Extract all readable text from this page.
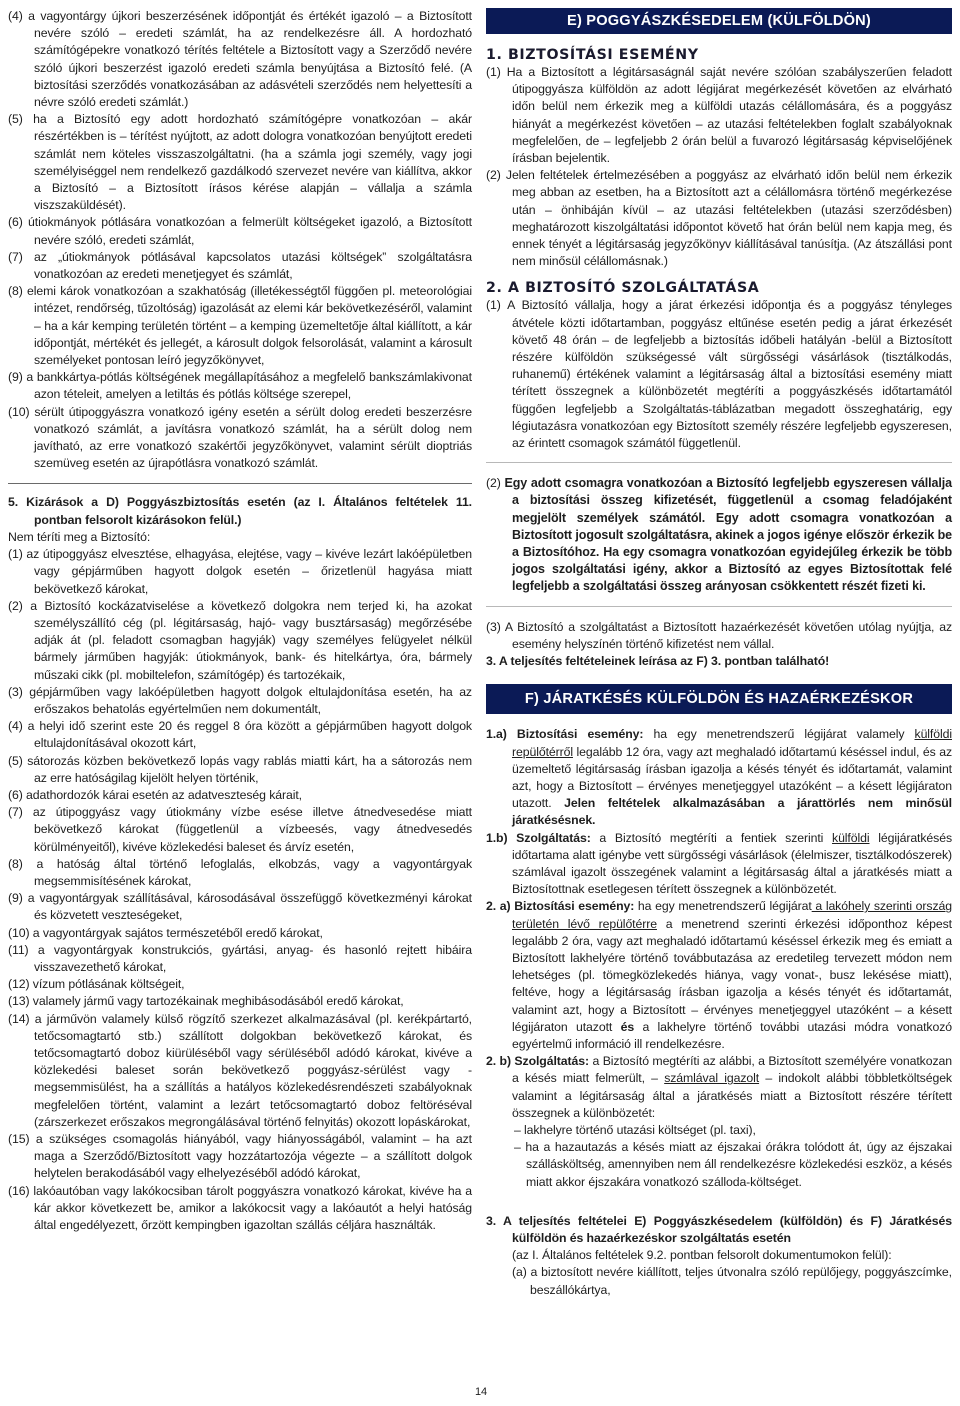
(4) a vagyontárgy újkori beszerzésének időpontját és értékét igazoló – a Biztosított nevére szóló – eredeti számlát, ha az rendelkezésre áll. A hordozható számítógépekre vonatkozó térítés feltétele a Biztosított vagy a Szerződő nevére szóló újkori beszerzést igazoló eredeti számla benyújtása a Biztosító felé. (A biztosítási szerződés vonatkozásában az adásvételi szerződés nem helyettesíti a névre szóló eredeti számlát.)

(5) ha a Biztosító egy adott hordozható számítógépre vonatkozóan – akár részértékben is – térítést nyújtott, az adott dologra vonatkozóan benyújtott eredeti számlát nem köteles visszaszolgáltatni. (ha a számla jogi személy, vagy jogi személyiséggel nem rendelkező gazdálkodó szervezet nevére van kiállítva, akkor a Biztosító – a Biztosított írásos kérése alapján – vállalja a számla viszszaküldését).

(6) útiokmányok pótlására vonatkozóan a felmerült költségeket igazoló, a Biztosított nevére szóló, eredeti számlát,

(7) az „útiokmányok pótlásával kapcsolatos utazási költségek” szolgáltatásra vonatkozóan az eredeti menetjegyet és számlát,

(8) elemi károk vonatkozóan a szakhatóság (illetékességtől függően pl. meteorológiai intézet, rendőrség, tűzoltóság) igazolását az elemi kár bekövetkezéséről, valamint – ha a kár kemping területén történt – a kemping üzemeltetője által kiállított, a kár időpontját, mértékét és jellegét, a károsult dolgok felsorolását, valamint a károsult személyeket pontosan leíró jegyzőkönyvet,

(9) a bankkártya-pótlás költségének megállapításához a megfelelő bankszámlakivonat azon tételeit, amelyen a letiltás és pótlás költsége szerepel,

(10) sérült útipoggyászra vonatkozó igény esetén a sérült dolog eredeti beszerzésre vonatkozó számlát, a javításra vonatkozó számlát, ha a sérült dolog nem javítható, az erre vonatkozó szakértői jegyzőkönyvet, valamint sérült dioptriás szemüveg esetén az újrapótlásra vonatkozó számlát.

5. Kizárások a D) Poggyászbiztosítás esetén (az I. Általános feltételek 11. pontban felsorolt kizárásokon felül.)

Nem téríti meg a Biztosító:

(1) az útipoggyász elvesztése, elhagyása, elejtése, vagy – kivéve lezárt lakóépületben vagy gépjárműben hagyott dolgok esetén – őrizetlenül hagyása miatt bekövetkező károkat,

(2) a Biztosító kockázatviselése a következő dolgokra nem terjed ki, ha azokat személyszállító cég (pl. légitársaság, hajó- vagy busztársaság) megőrzésébe adják át (pl. feladott csomagban hagyják) vagy személyes felügyelet nélkül bármely járműben hagyják: útiokmányok, bank- és hitelkártya, óra, bármely műszaki cikk (pl. mobiltelefon, számítógép) és tartozékaik,

(3) gépjárműben vagy lakóépületben hagyott dolgok eltulajdonítása esetén, ha az erőszakos behatolás egyértelműen nem dokumentált,

(4) a helyi idő szerint este 20 és reggel 8 óra között a gépjárműben hagyott dolgok eltulajdonításával okozott kárt,

(5) sátorozás közben bekövetkező lopás vagy rablás miatti kárt, ha a sátorozás nem az erre hatóságilag kijelölt helyen történik,

(6) adathordozók kárai esetén az adatveszteség kárait,

(7) az útipoggyász vagy útiokmány vízbe esése illetve átnedvesedése miatt bekövetkező károkat (függetlenül a vízbeesés, vagy átnedvesedés körülményeitől), kivéve közlekedési baleset és árvíz esetén,

(8) a hatóság által történő lefoglalás, elkobzás, vagy a vagyontárgyak megsemmisítésének károkat,

(9) a vagyontárgyak szállításával, károsodásával összefüggő következményi károkat és közvetett veszteségeket,

(10) a vagyontárgyak sajátos természetéből eredő károkat,

(11) a vagyontárgyak konstrukciós, gyártási, anyag- és hasonló rejtett hibáira visszavezethető károkat,

(12) vízum pótlásának költségeit,

(13) valamely jármű vagy tartozékainak meghibásodásából eredő károkat,

(14) a járművön valamely külső rögzítő szerkezet alkalmazásával (pl. kerékpártartó, tetőcsomagtartó stb.) szállított dolgokban bekövetkező károkat, és tetőcsomagtartó doboz kiürüléséből vagy sérüléséből adódó károkat, kivéve a közlekedési baleset során bekövetkező poggyász-sérülést vagy -megsemmisülést, ha a szállítás a hatályos közlekedésrendészeti szabályoknak megfelelően történt, valamint a lezárt tetőcsomagtartó doboz feltöréséval (zárszerkezet erőszakos megrongálásával történő felnyitás) okozott lopáskárokat,

(15) a szükséges csomagolás hiányából, vagy hiányosságából, valamint – ha azt maga a Szerződő/Biztosított vagy hozzátartozója végezte – a szállított dolgok helytelen berakodásából vagy elhelyezéséből adódó károkat,

(16) lakóautóban vagy lakókocsiban tárolt poggyászra vonatkozó károkat, kivéve ha a kár akkor következett be, amikor a lakókocsit vagy a lakóautót a helyi hatóság által engedélyezett, őrzött kempingben igazoltan szállás céljára használták.

E) POGGYÁSZKÉSEDELEM (KÜLFÖLDÖN)
1. BIZTOSÍTÁSI ESEMÉNY

(1) Ha a Biztosított a légitársaságnál saját nevére szólóan szabályszerűen feladott útipoggyásza külföldön az adott légijárat megérkezését követően az elvárható időn belül nem érkezik meg a külföldi utazás célállomására, és a poggyász hiányát a megérkezést követően – az utazási feltételekben foglalt szabályoknak megfelelően, de – legfeljebb 2 órán belül a fuvarozó légitársaság képviselőjének írásban bejelentik.

(2) Jelen feltételek értelmezésében a poggyász az elvárható időn belül nem érkezik meg abban az esetben, ha a Biztosított azt a célállomásra történő megérkezése után – önhibáján kívül – az utazási feltételekben (utazási szerződésben) meghatározott kiszolgáltatási időpontot követő hat órán belül nem kapja meg, és ennek tényét a légitársaság jegyzőkönyv kiállításával tanúsítja. (Az átszállási pont nem minősül célállomásnak.)

2. A BIZTOSÍTÓ SZOLGÁLTATÁSA

(1) A Biztosító vállalja, hogy a járat érkezési időpontja és a poggyász tényleges átvétele közti időtartamban, poggyász eltűnése esetén pedig a járat érkezését követő 48 órán – de legfeljebb a biztosítás időbeli hatályán -belül a Biztosított részére külföldön szükségessé vált sürgősségi vásárlások (tisztálkodás, ruhanemű) értékének valamint a légitársaság által a biztosítási esemény miatt térített összegnek a különbözetét megtéríti a poggyászkésés időtartamától függően legfeljebb a Szolgáltatás-táblázatban megadott összeghatárig, egy légiutazásra vonatkozóan egy Biztosított személy részére legfeljebb egyszeresen, az érintett csomagok számától függetlenül.

(2) Egy adott csomagra vonatkozóan a Biztosító legfeljebb egyszeresen vállalja a biztosítási összeg kifizetését, függetlenül a csomag feladójaként megjelölt személyek számától. Egy adott csomagra vonatkozóan a Biztosított jogosult szolgáltatásra, akinek a jogos igénye először érkezik be a Biztosítóhoz. Ha egy csomagra vonatkozóan egyidejűleg érkezik be több jogos szolgáltatási igény, akkor a Biztosító az egyes Biztosítottak felé legfeljebb a szolgáltatási összeg arányosan csökkentett részét fizeti ki.

(3) A Biztosító a szolgáltatást a Biztosított hazaérkezését követően utólag nyújtja, az esemény helyszínén történő kifizetést nem vállal.

3. A teljesítés feltételeinek leírása az F) 3. pontban található!

F) JÁRATKÉSÉS KÜLFÖLDÖN ÉS HAZAÉRKEZÉSKOR

1.a) Biztosítási esemény: ha egy menetrendszerű légijárat valamely külföldi repülőtérről legalább 12 óra, vagy azt meghaladó időtartamú késéssel indul, és az üzemeltető légitársaság írásban igazolja a késés tényét és időtartamát, valamint azt, hogy a Biztosított – érvényes menetjeggyel utazóként – a késett légijáraton utazott. Jelen feltételek alkalmazásában a járattörlés nem minősül járatkésésnek.

1.b) Szolgáltatás: a Biztosító megtéríti a fentiek szerinti külföldi légijáratkésés időtartama alatt igénybe vett sürgősségi vásárlások (élelmiszer, tisztálkodószerek) számlával igazolt összegének valamint a légitársaság által a járatkésés miatt a Biztosítottnak esetlegesen térített összegnek a különbözetét.

2. a) Biztosítási esemény: ha egy menetrendszerű légijárat a lakóhely szerinti ország területén lévő repülőtérre a menetrend szerinti érkezési időponthoz képest legalább 2 óra, vagy azt meghaladó időtartamú késéssel érkezik meg és emiatt a Biztosított lakhelyére történő továbbutazása az eredetileg tervezett módon nem lehetséges (pl. tömegközlekedés hiánya, vagy vonat-, busz lekésése miatt), feltéve, hogy a légitársaság írásban igazolja a késés tényét és időtartamát, valamint azt, hogy a Biztosított – érvényes menetjeggyel utazóként – a késett légijáraton utazott és a lakhelyre történő további utazási módra vonatkozó egyértelmű információ ill rendelkezésre.

2. b) Szolgáltatás: a Biztosító megtéríti az alábbi, a Biztosított személyére vonatkozan a késés miatt felmerült, – számlával igazolt – indokolt alábbi többletköltségek valamint a légitársaság által a járatkésés miatt a Biztosított részére térített összegnek a különbözetét:

– lakhelyre történő utazási költséget (pl. taxi),

– ha a hazautazás a késés miatt az éjszakai órákra tolódott át, úgy az éjszakai szállásköltség, amennyiben nem áll rendelkezésre közlekedési eszköz, a késés miatt akkor éjszakára vonatkozó szálloda-költséget.

3. A teljesítés feltételei E) Poggyászkésedelem (külföldön) és F) Járatkésés külföldön és hazaérkezéskor szolgáltatás esetén

(az I. Általános feltételek 9.2. pontban felsorolt dokumentumokon felül):

(a) a biztosított nevére kiállított, teljes útvonalra szóló repülőjegy, poggyászcímke, beszállókártya,

14
